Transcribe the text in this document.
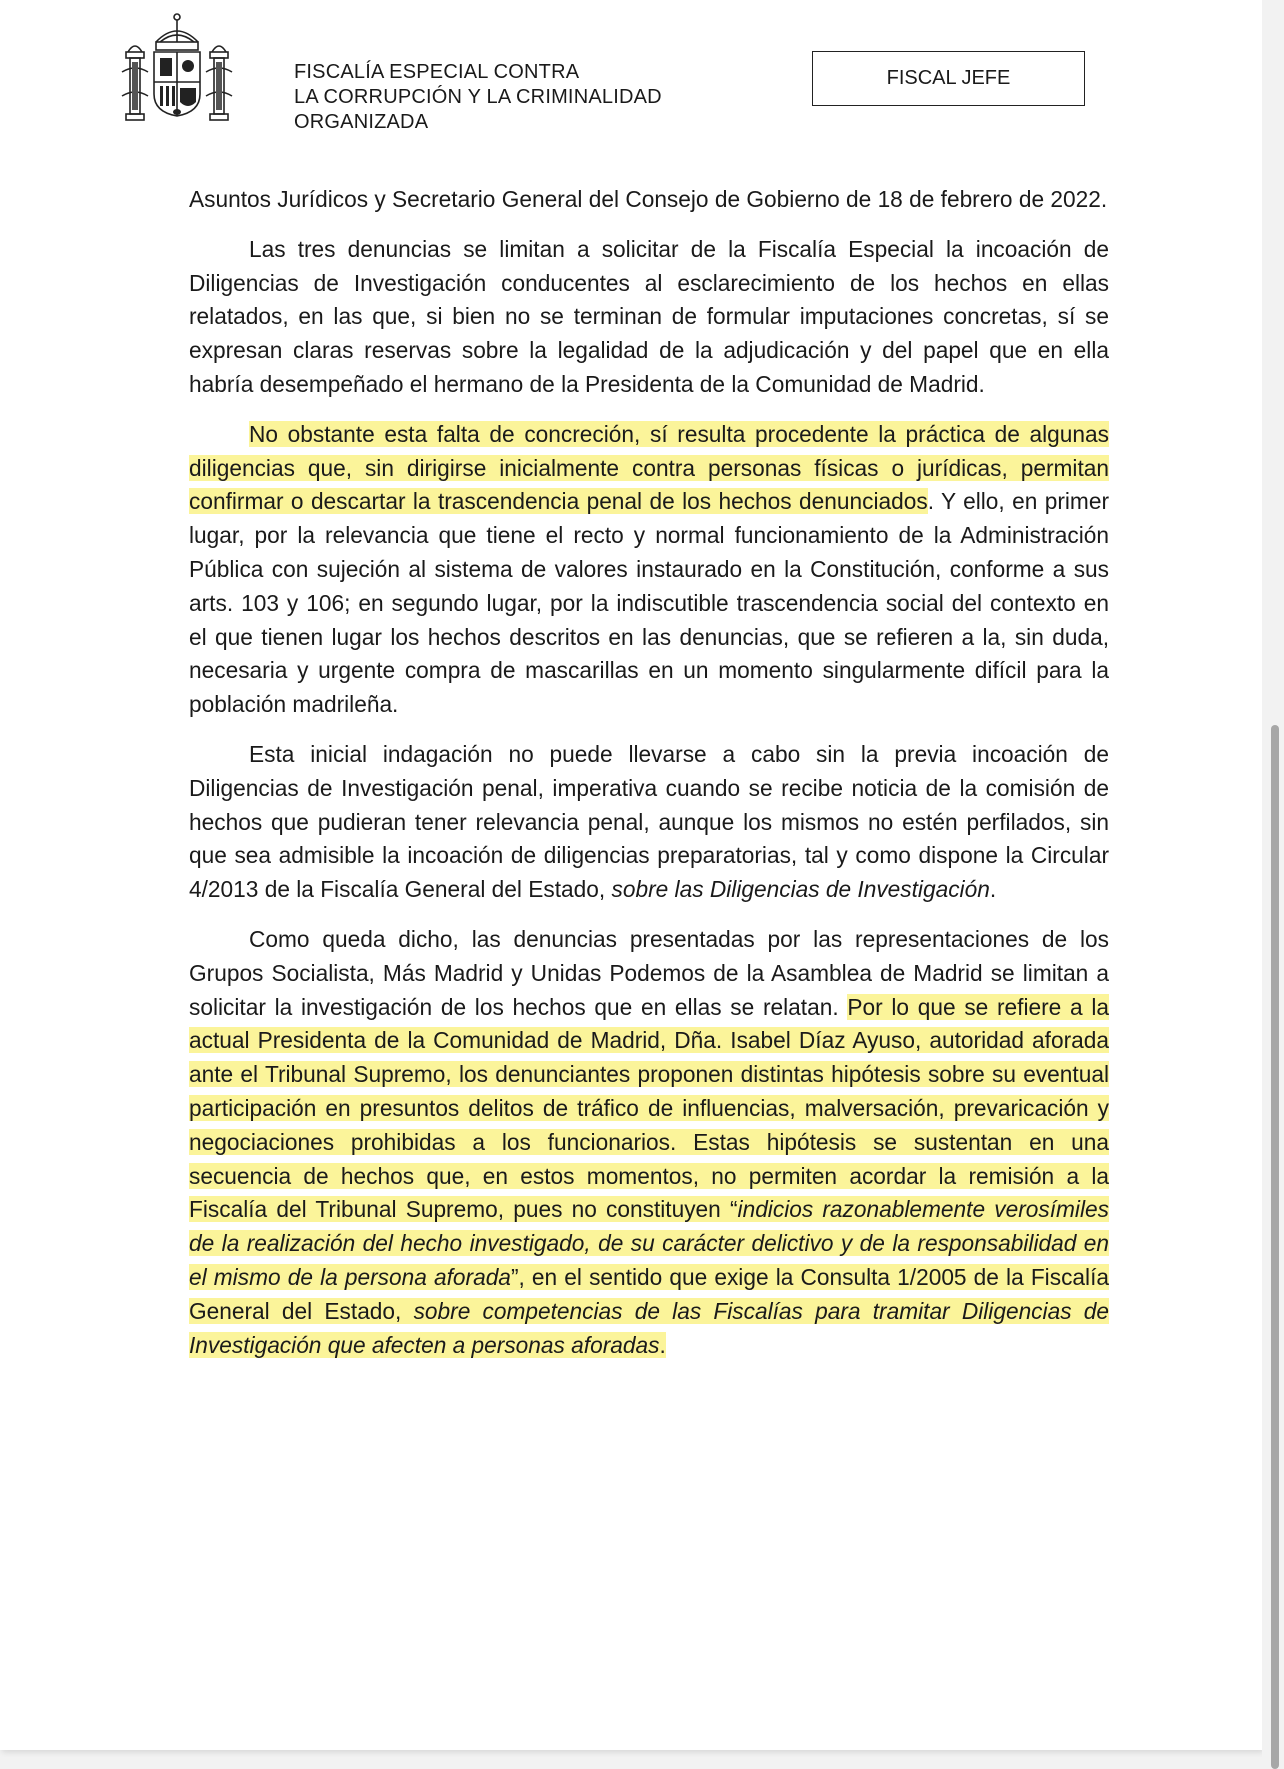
FISCALÍA ESPECIAL CONTRA
LA CORRUPCIÓN Y LA CRIMINALIDAD
ORGANIZADA
FISCAL JEFE

Asuntos Jurídicos y Secretario General del Consejo de Gobierno de 18 de febrero de 2022.

Las tres denuncias se limitan a solicitar de la Fiscalía Especial la incoación de Diligencias de Investigación conducentes al esclarecimiento de los hechos en ellas relatados, en las que, si bien no se terminan de formular imputaciones concretas, sí se expresan claras reservas sobre la legalidad de la adjudicación y del papel que en ella habría desempeñado el hermano de la Presidenta de la Comunidad de Madrid.

No obstante esta falta de concreción, sí resulta procedente la práctica de algunas diligencias que, sin dirigirse inicialmente contra personas físicas o jurídicas, permitan confirmar o descartar la trascendencia penal de los hechos denunciados. Y ello, en primer lugar, por la relevancia que tiene el recto y normal funcionamiento de la Administración Pública con sujeción al sistema de valores instaurado en la Constitución, conforme a sus arts. 103 y 106; en segundo lugar, por la indiscutible trascendencia social del contexto en el que tienen lugar los hechos descritos en las denuncias, que se refieren a la, sin duda, necesaria y urgente compra de mascarillas en un momento singularmente difícil para la población madrileña.

Esta inicial indagación no puede llevarse a cabo sin la previa incoación de Diligencias de Investigación penal, imperativa cuando se recibe noticia de la comisión de hechos que pudieran tener relevancia penal, aunque los mismos no estén perfilados, sin que sea admisible la incoación de diligencias preparatorias, tal y como dispone la Circular 4/2013 de la Fiscalía General del Estado, sobre las Diligencias de Investigación.

Como queda dicho, las denuncias presentadas por las representaciones de los Grupos Socialista, Más Madrid y Unidas Podemos de la Asamblea de Madrid se limitan a solicitar la investigación de los hechos que en ellas se relatan. Por lo que se refiere a la actual Presidenta de la Comunidad de Madrid, Dña. Isabel Díaz Ayuso, autoridad aforada ante el Tribunal Supremo, los denunciantes proponen distintas hipótesis sobre su eventual participación en presuntos delitos de tráfico de influencias, malversación, prevaricación y negociaciones prohibidas a los funcionarios. Estas hipótesis se sustentan en una secuencia de hechos que, en estos momentos, no permiten acordar la remisión a la Fiscalía del Tribunal Supremo, pues no constituyen “indicios razonablemente verosímiles de la realización del hecho investigado, de su carácter delictivo y de la responsabilidad en el mismo de la persona aforada”, en el sentido que exige la Consulta 1/2005 de la Fiscalía General del Estado, sobre competencias de las Fiscalías para tramitar Diligencias de Investigación que afecten a personas aforadas.
